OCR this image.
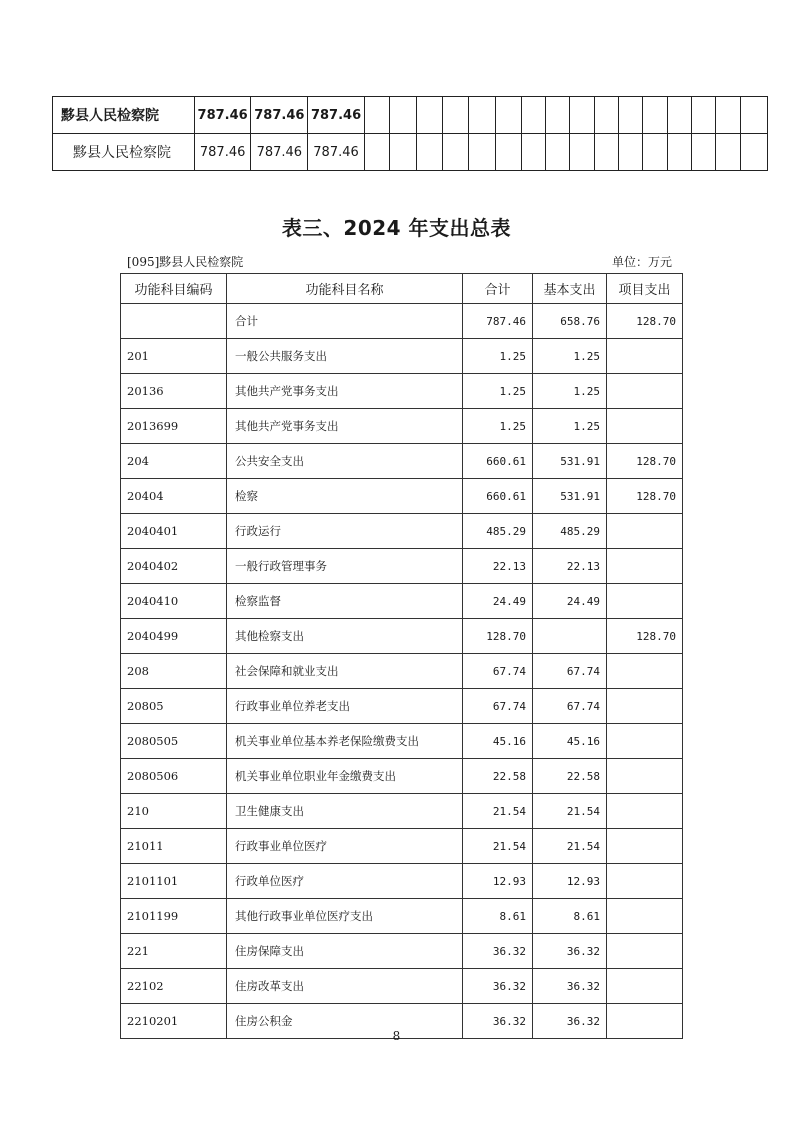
黟县人民检察院	787.46	787.46	787.46																
黟县人民检察院	787.46	787.46	787.46																
表三、2024 年支出总表
[095]黟县人民检察院	单位：万元
功能科目编码	功能科目名称	合计	基本支出	项目支出
	合计	787.46	658.76	128.70
201	一般公共服务支出	1.25	1.25	
20136	其他共产党事务支出	1.25	1.25	
2013699	其他共产党事务支出	1.25	1.25	
204	公共安全支出	660.61	531.91	128.70
20404	检察	660.61	531.91	128.70
2040401	行政运行	485.29	485.29	
2040402	一般行政管理事务	22.13	22.13	
2040410	检察监督	24.49	24.49	
2040499	其他检察支出	128.70		128.70
208	社会保障和就业支出	67.74	67.74	
20805	行政事业单位养老支出	67.74	67.74	
2080505	机关事业单位基本养老保险缴费支出	45.16	45.16	
2080506	机关事业单位职业年金缴费支出	22.58	22.58	
210	卫生健康支出	21.54	21.54	
21011	行政事业单位医疗	21.54	21.54	
2101101	行政单位医疗	12.93	12.93	
2101199	其他行政事业单位医疗支出	8.61	8.61	
221	住房保障支出	36.32	36.32	
22102	住房改革支出	36.32	36.32	
2210201	住房公积金	36.32	36.32	
8
